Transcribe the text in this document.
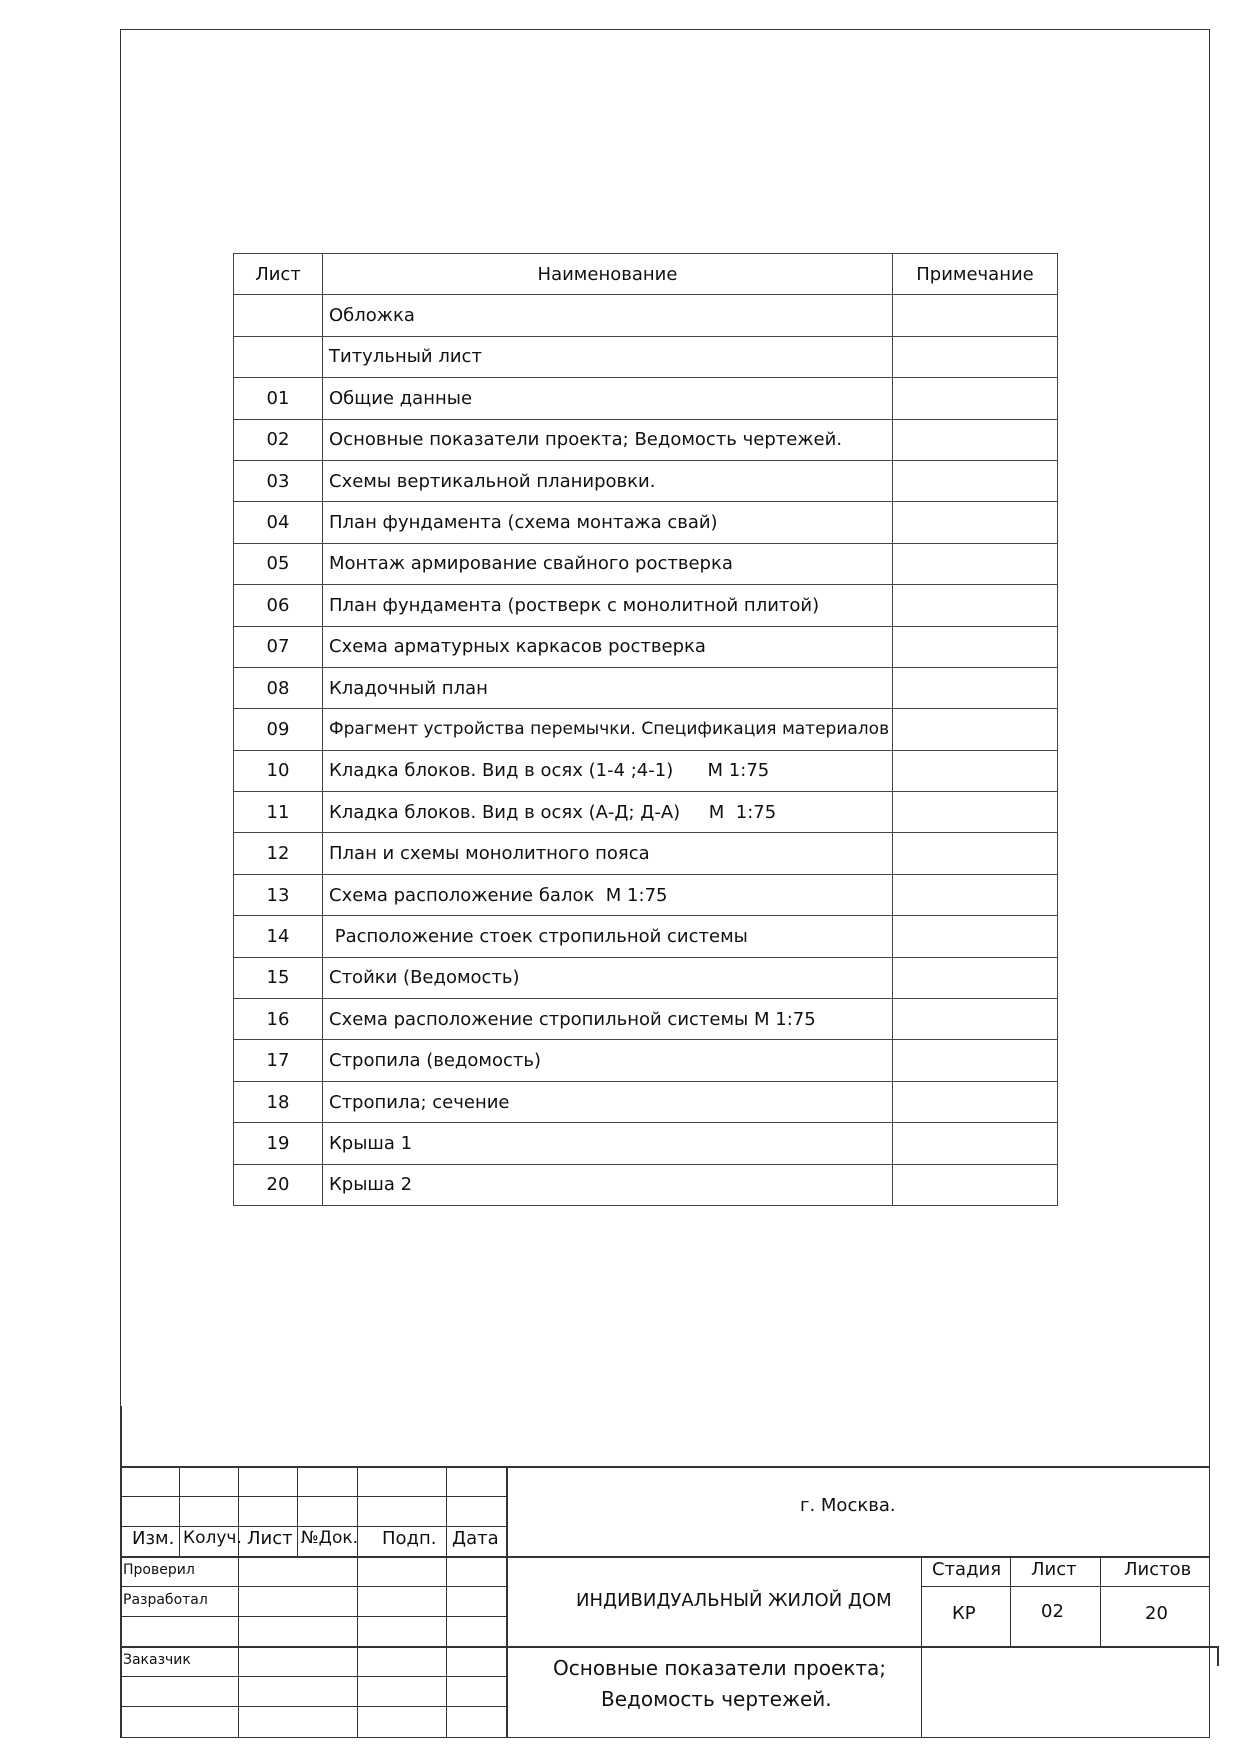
Лист	Наименование	Примечание
	Обложка	
	Титульный лист	
01	Общие данные	
02	Основные показатели проекта; Ведомость чертежей.	
03	Схемы вертикальной планировки.	
04	План фундамента (схема монтажа свай)	
05	Монтаж армирование свайного ростверка	
06	План фундамента (ростверк с монолитной плитой)	
07	Схема арматурных каркасов ростверка	
08	Кладочный план	
09	Фрагмент устройства перемычки. Спецификация материалов	
10	Кладка блоков. Вид в осях (1-4 ;4-1)      М 1:75	
11	Кладка блоков. Вид в осях (А-Д; Д-А)     М  1:75	
12	План и схемы монолитного пояса	
13	Схема расположение балок  М 1:75	
14	Расположение стоек стропильной системы	
15	Стойки (Ведомость)	
16	Схема расположение стропильной системы М 1:75	
17	Стропила (ведомость)	
18	Стропила; сечение	
19	Крыша 1	
20	Крыша 2	
Изм. Колуч. Лист №Док. Подп. Дата
Проверил
Разработал
Заказчик
г. Москва.
ИНДИВИДУАЛЬНЫЙ ЖИЛОЙ ДОМ
Стадия Лист	Листов
КР	02	20
Основные показатели проекта;
Ведомость чертежей.
